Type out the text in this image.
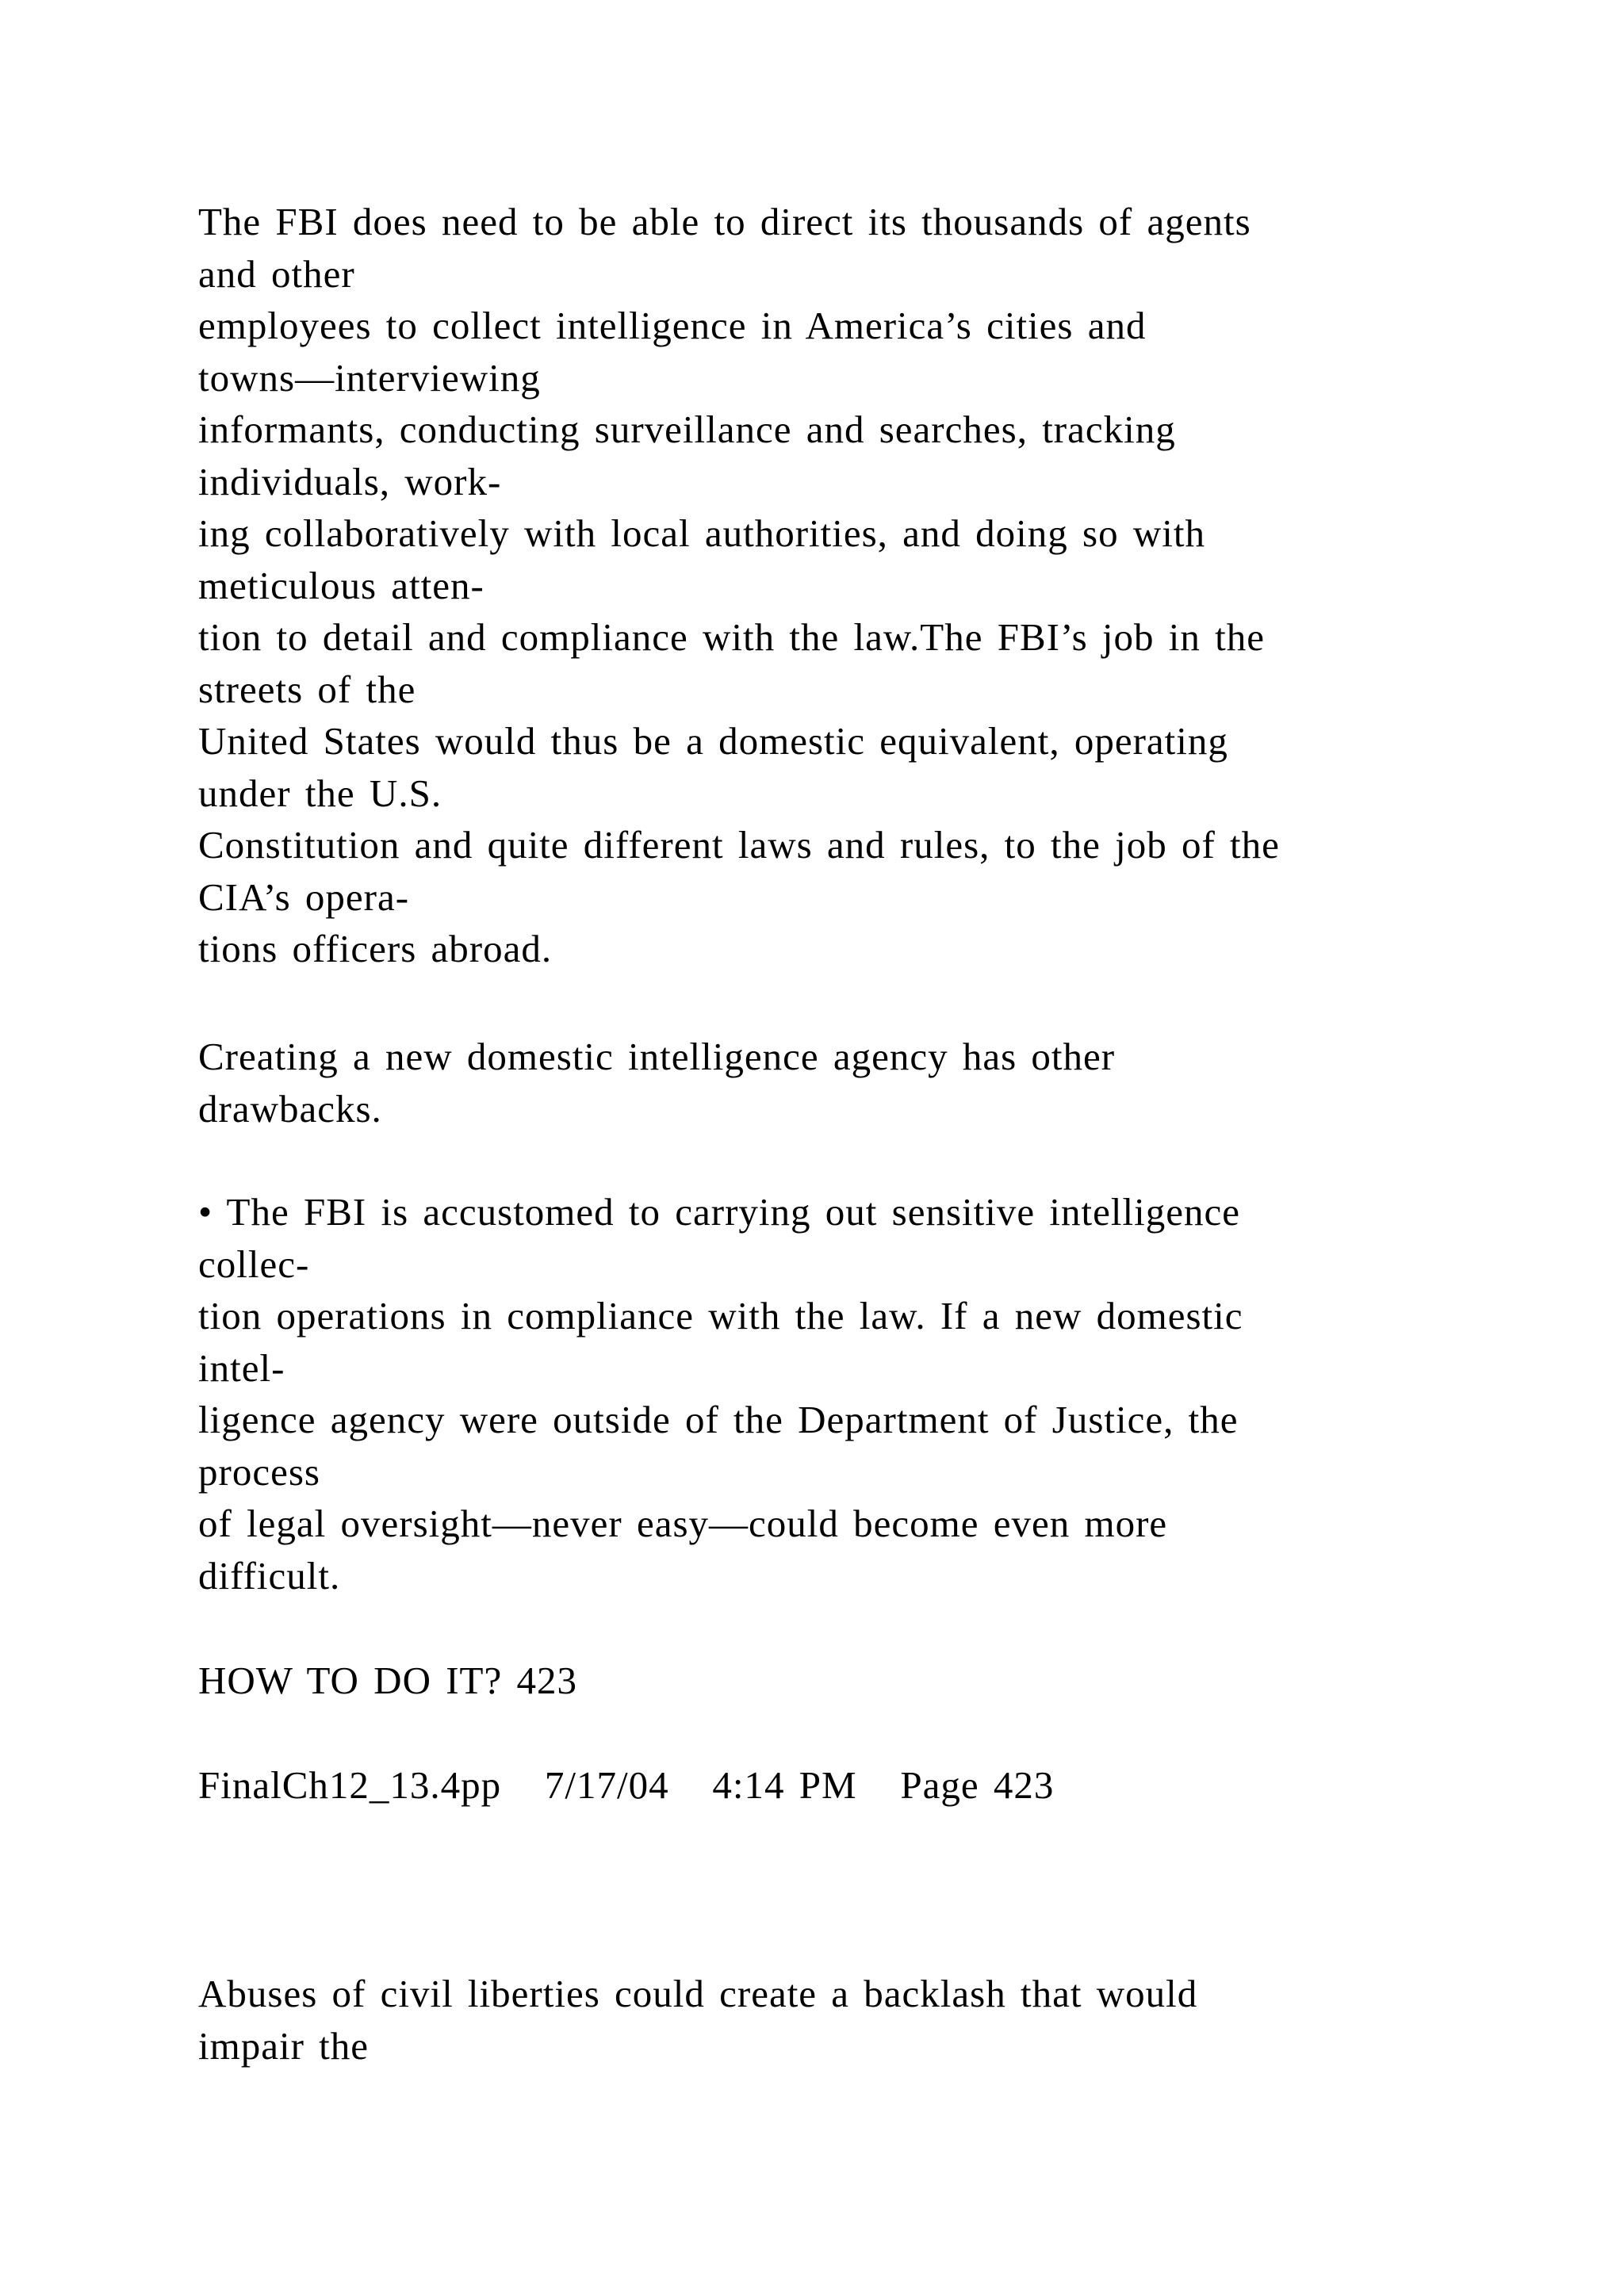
The FBI does need to be able to direct its thousands of agents
and other
employees to collect intelligence in America’s cities and
towns—interviewing
informants, conducting surveillance and searches, tracking
individuals, work-
ing collaboratively with local authorities, and doing so with
meticulous atten-
tion to detail and compliance with the law.The FBI’s job in the
streets of the
United States would thus be a domestic equivalent, operating
under the U.S.
Constitution and quite different laws and rules, to the job of the
CIA’s opera-
tions officers abroad.
Creating a new domestic intelligence agency has other
drawbacks.
• The FBI is accustomed to carrying out sensitive intelligence
collec-
tion operations in compliance with the law. If a new domestic
intel-
ligence agency were outside of the Department of Justice, the
process
of legal oversight—never easy—could become even more
difficult.
HOW TO DO IT? 423
FinalCh12_13.4pp   7/17/04   4:14 PM   Page 423
Abuses of civil liberties could create a backlash that would
impair the
